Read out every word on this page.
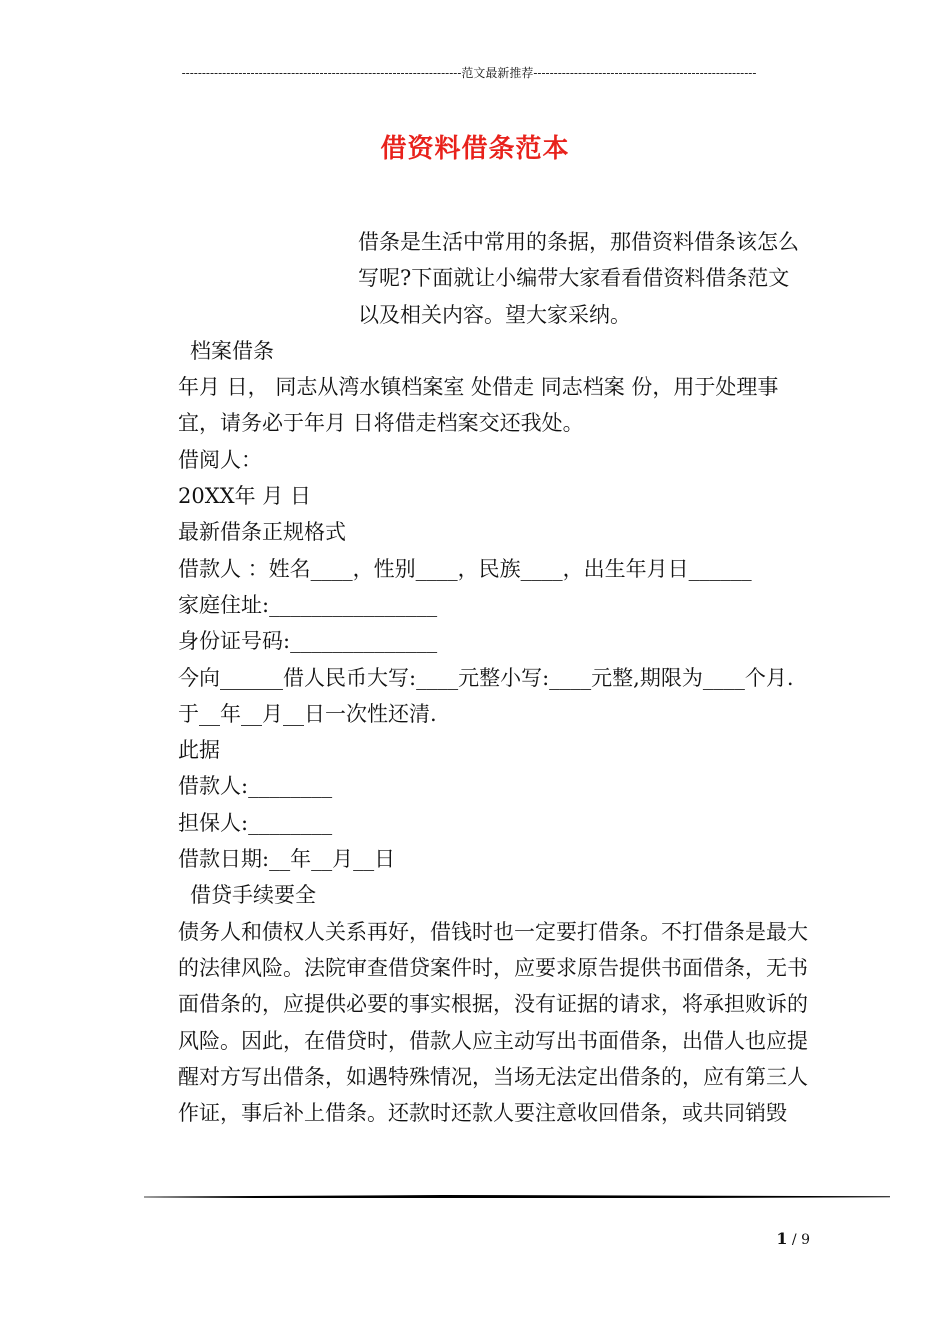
---------------------------------------------------------------------范文最新推荐-------------------------------------------------------
借资料借条范本

借条是生活中常用的条据，那借资料借条该怎么写呢?下面就让小编带大家看看借资料借条范文以及相关内容。望大家采纳。

档案借条

年月 日， 同志从湾水镇档案室 处借走 同志档案 份，用于处理事宜，请务必于年月 日将借走档案交还我处。

借阅人：

20XX年 月 日

最新借条正规格式

借款人 ：姓名____，性别____，民族____，出生年月日______

家庭住址:________________

身份证号码:______________

今向______借人民币大写:____元整小写:____元整,期限为____个月.

于__年__月__日一次性还清.

此据

借款人:________

担保人:________

借款日期:__年__月__日

借贷手续要全

债务人和债权人关系再好，借钱时也一定要打借条。不打借条是最大的法律风险。法院审查借贷案件时，应要求原告提供书面借条，无书面借条的，应提供必要的事实根据，没有证据的请求，将承担败诉的风险。因此，在借贷时，借款人应主动写出书面借条，出借人也应提醒对方写出借条，如遇特殊情况，当场无法定出借条的，应有第三人作证，事后补上借条。还款时还款人要注意收回借条，或共同销毁

1 / 9
